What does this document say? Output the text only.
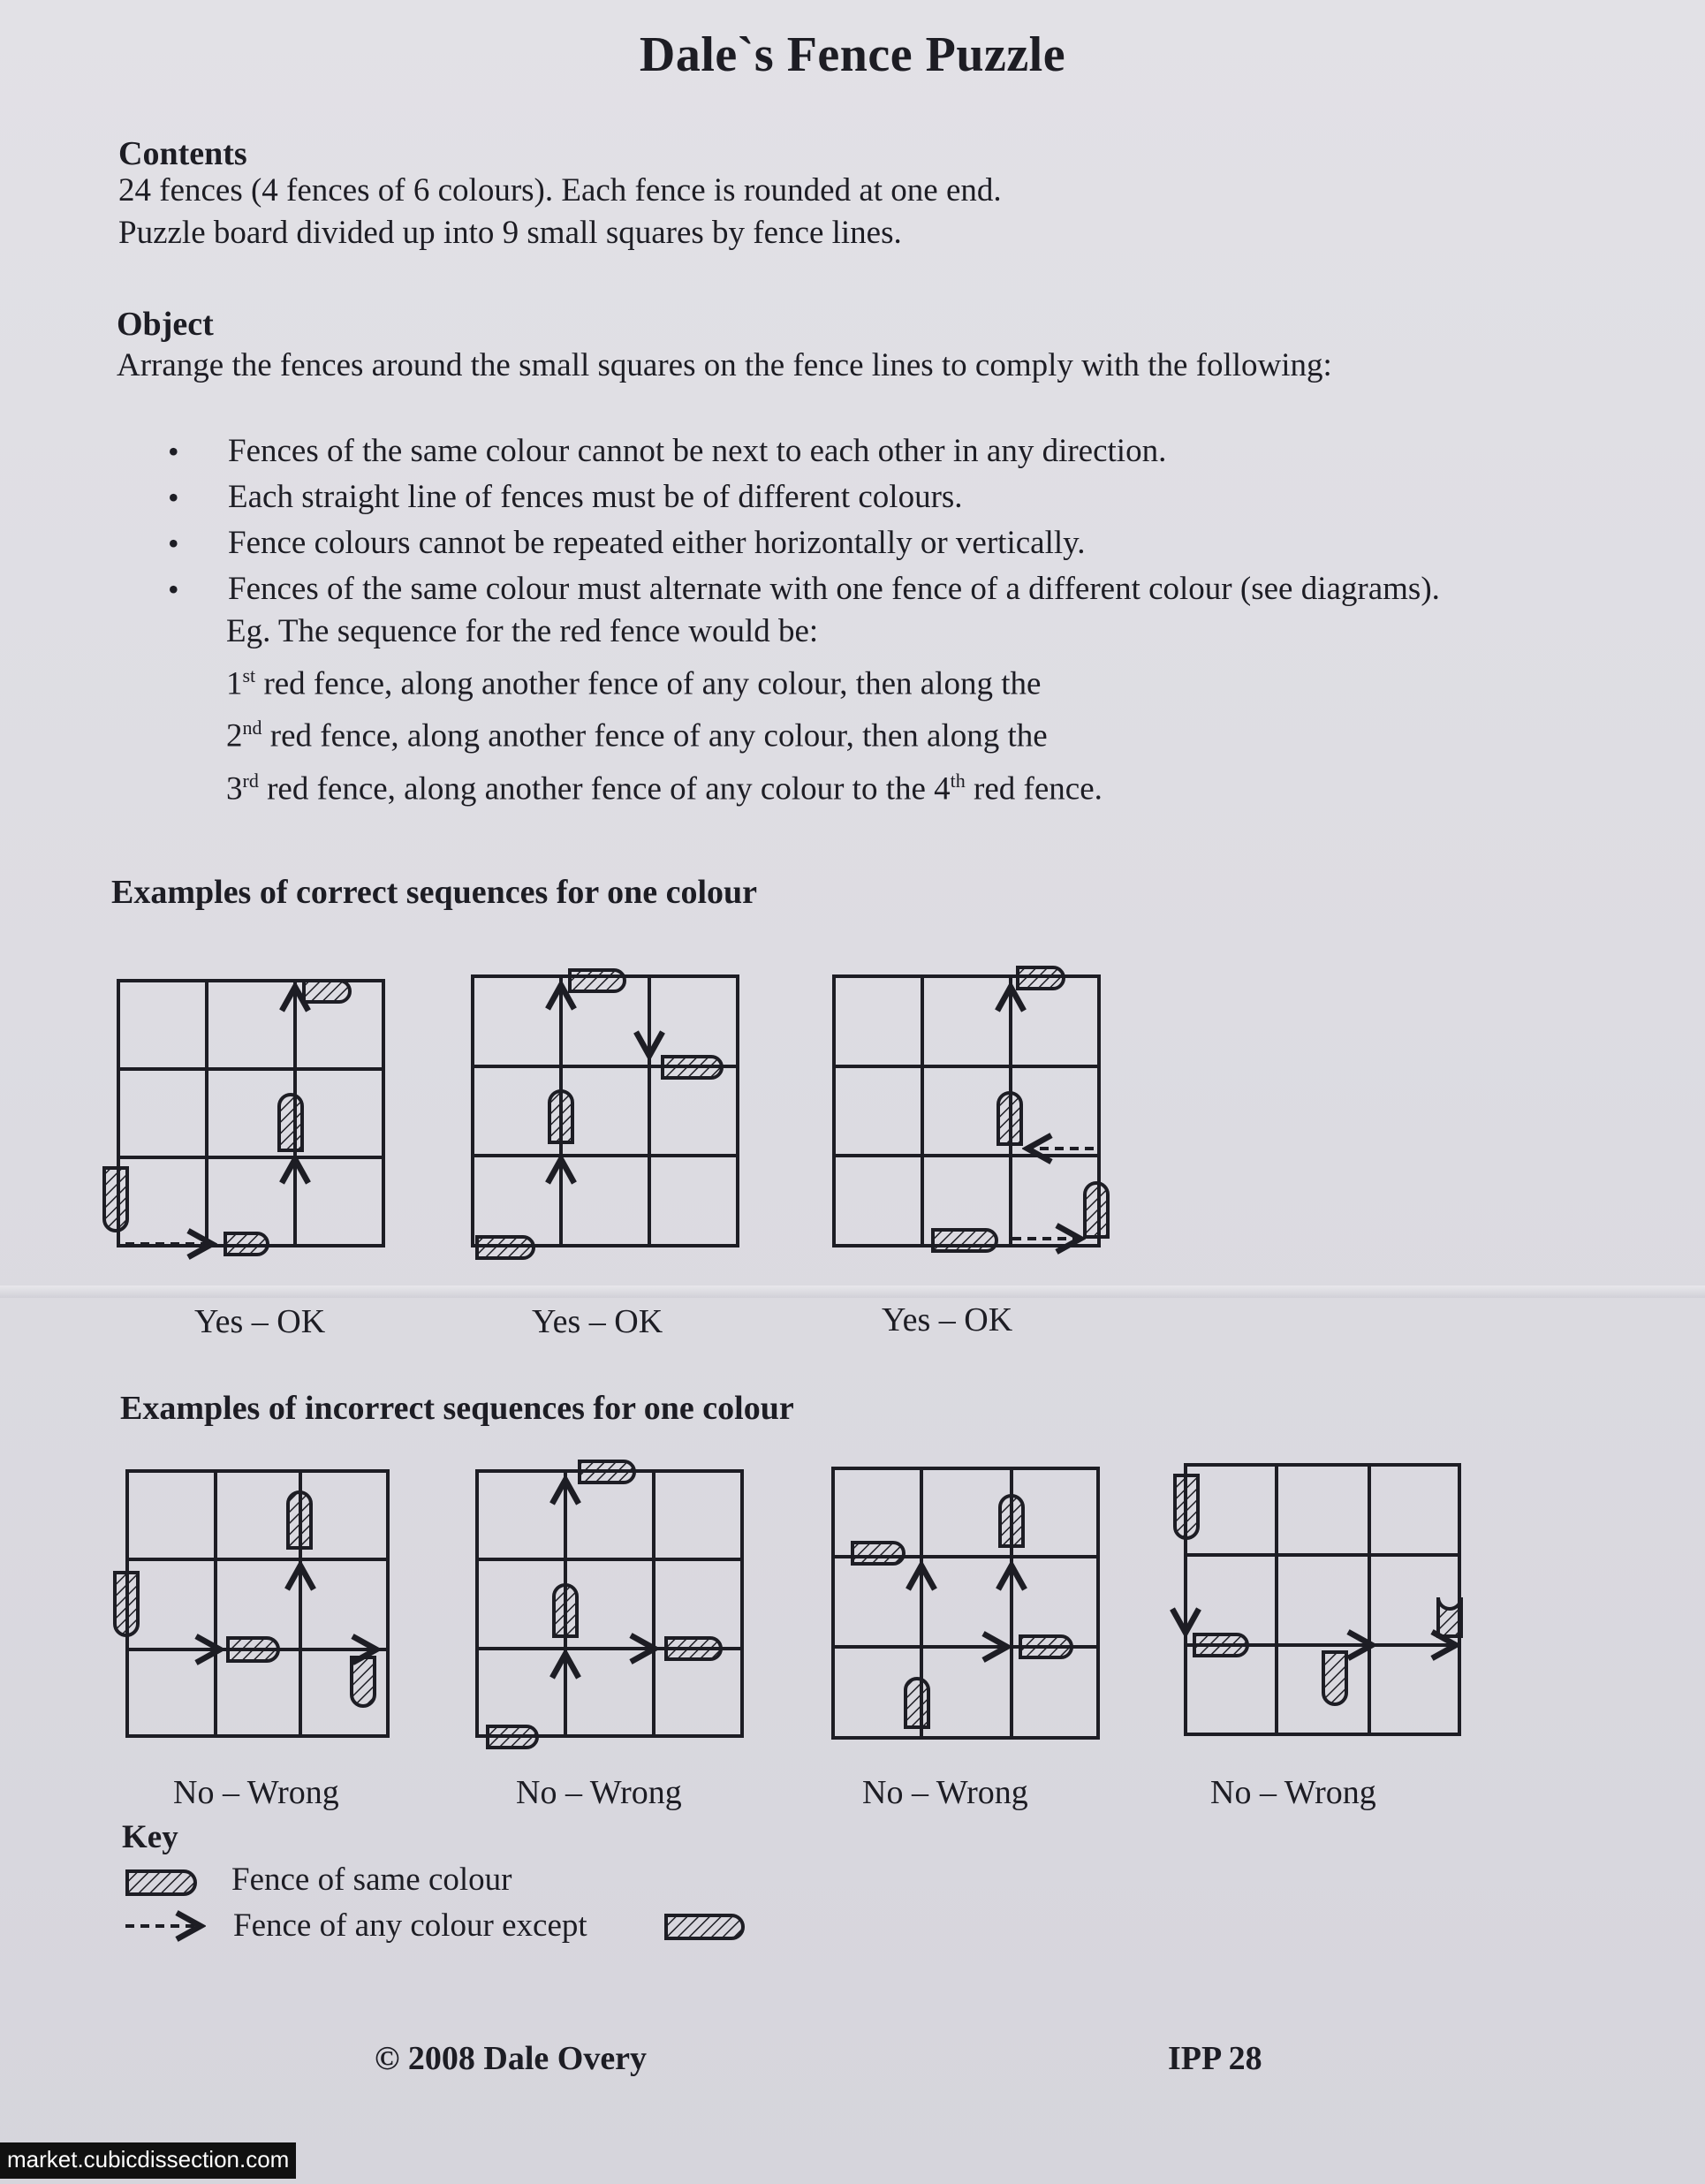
Dale`s Fence Puzzle
Contents
24 fences (4 fences of 6 colours). Each fence is rounded at one end.
Puzzle board divided up into 9 small squares by fence lines.
Object
Arrange the fences around the small squares on the fence lines to comply with the following:
• Fences of the same colour cannot be next to each other in any direction.
• Each straight line of fences must be of different colours.
• Fence colours cannot be repeated either horizontally or vertically.
• Fences of the same colour must alternate with one fence of a different colour (see diagrams).
Eg. The sequence for the red fence would be:
1st red fence, along another fence of any colour, then along the
2nd red fence, along another fence of any colour, then along the
3rd red fence, along another fence of any colour to the 4th red fence.
Examples of correct sequences for one colour
Yes – OK	Yes – OK	Yes – OK
Examples of incorrect sequences for one colour
No – Wrong	No – Wrong	No – Wrong	No – Wrong
Key
Fence of same colour
Fence of any colour except
© 2008 Dale Overy	IPP 28
market.cubicdissection.com
